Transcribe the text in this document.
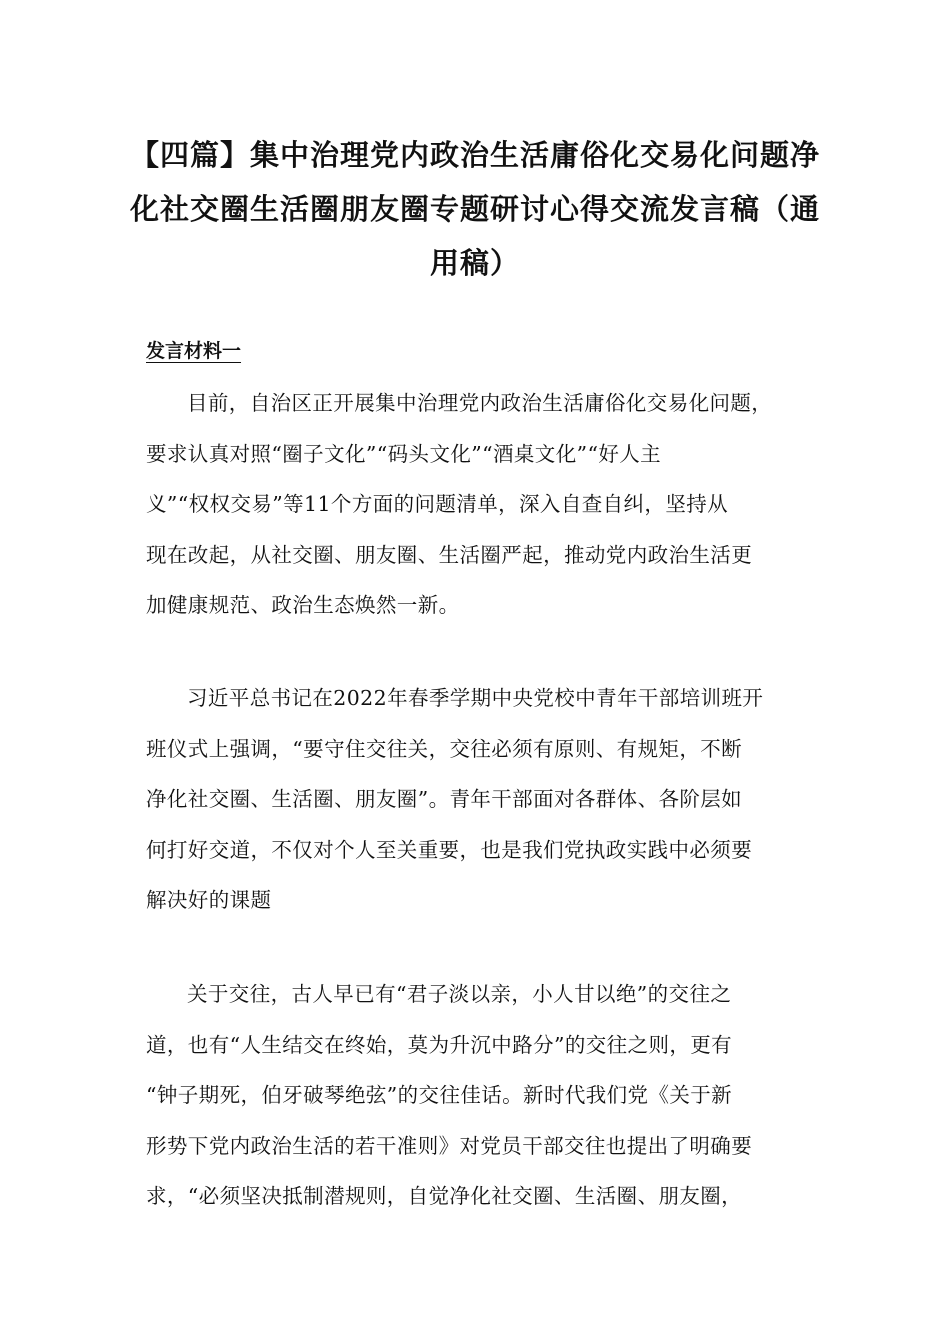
【四篇】集中治理党内政治生活庸俗化交易化问题净
化社交圈生活圈朋友圈专题研讨心得交流发言稿（通
用稿）
发言材料一
目前，自治区正开展集中治理党内政治生活庸俗化交易化问题，
要求认真对照“圈子文化”“码头文化”“酒桌文化”“好人主
义”“权权交易”等11个方面的问题清单，深入自查自纠，坚持从
现在改起，从社交圈、朋友圈、生活圈严起，推动党内政治生活更
加健康规范、政治生态焕然一新。
习近平总书记在2022年春季学期中央党校中青年干部培训班开
班仪式上强调，“要守住交往关，交往必须有原则、有规矩，不断
净化社交圈、生活圈、朋友圈”。青年干部面对各群体、各阶层如
何打好交道，不仅对个人至关重要，也是我们党执政实践中必须要
解决好的课题
关于交往，古人早已有“君子淡以亲，小人甘以绝”的交往之
道，也有“人生结交在终始，莫为升沉中路分”的交往之则，更有
“钟子期死，伯牙破琴绝弦”的交往佳话。新时代我们党《关于新
形势下党内政治生活的若干准则》对党员干部交往也提出了明确要
求，“必须坚决抵制潜规则，自觉净化社交圈、生活圈、朋友圈，
